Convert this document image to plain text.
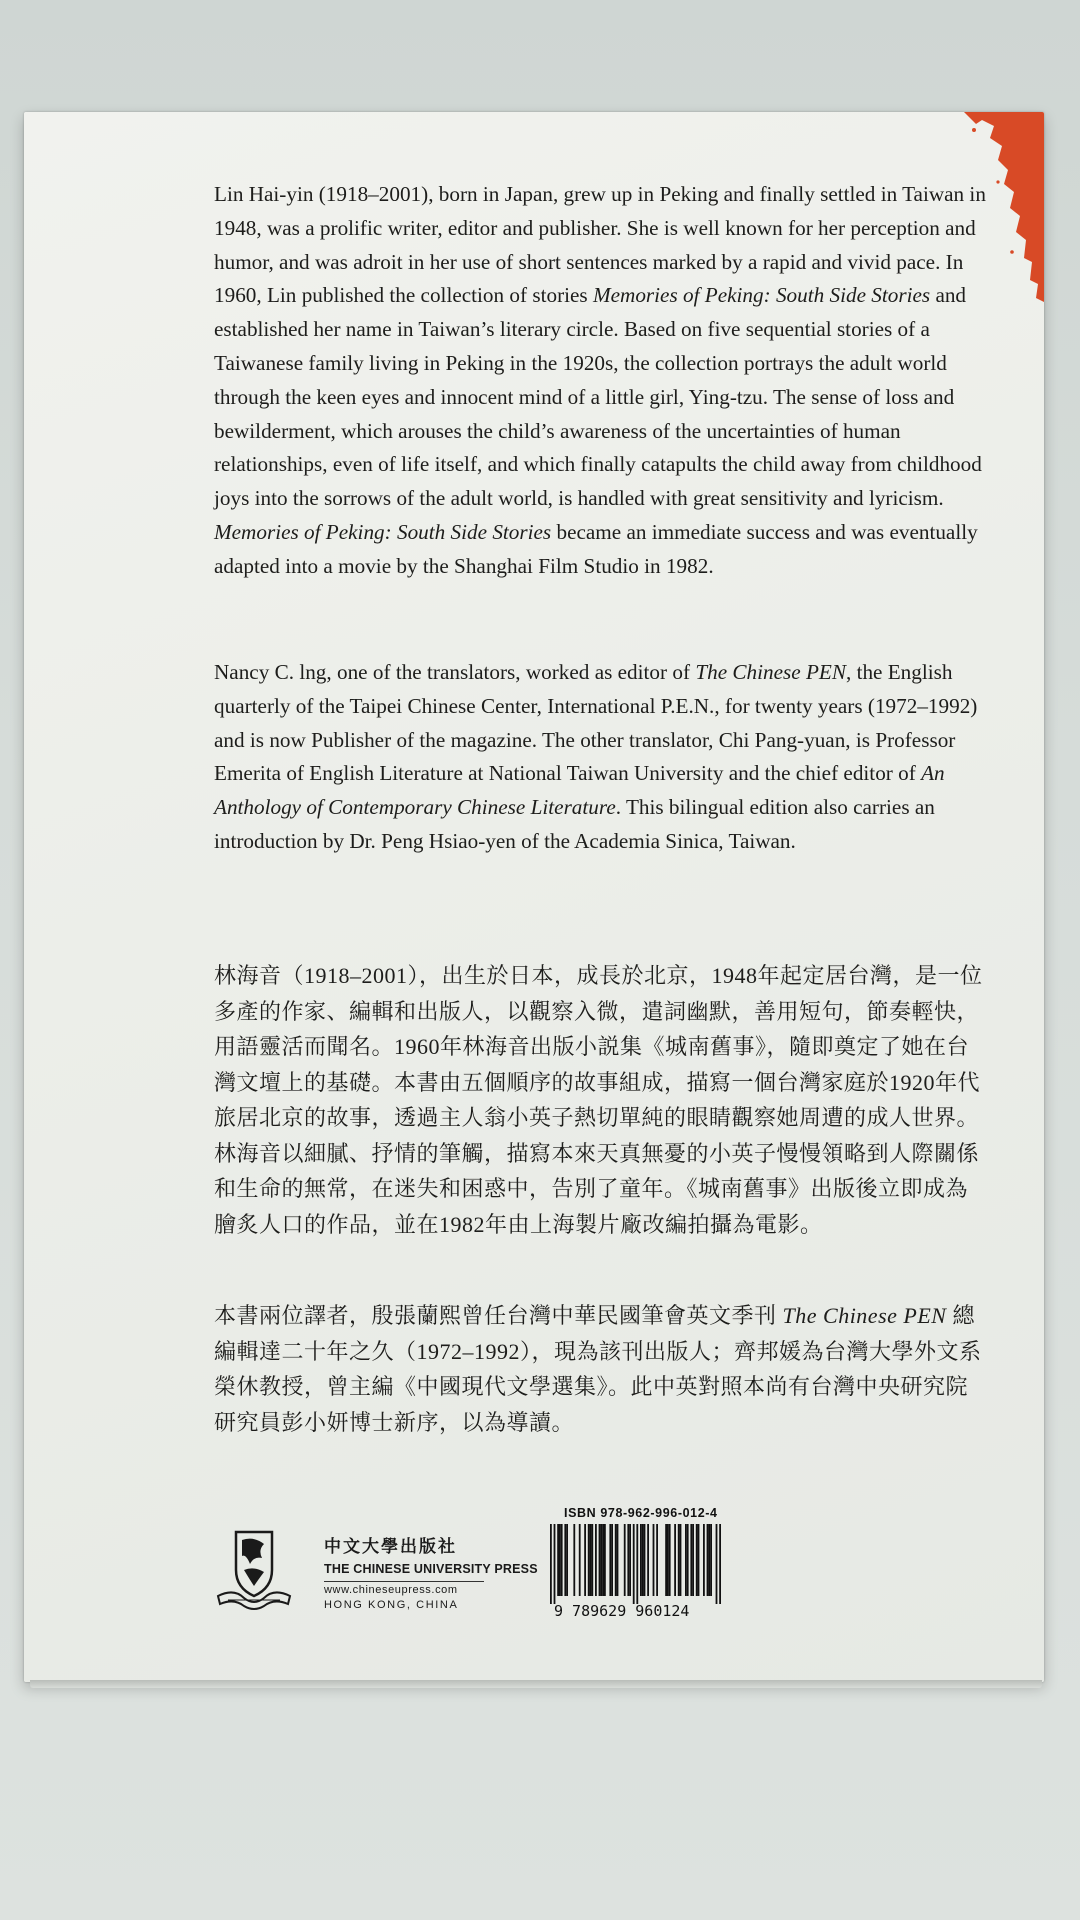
Lin Hai-yin (1918–2001), born in Japan, grew up in Peking and finally settled in Taiwan in 1948, was a prolific writer, editor and publisher. She is well known for her perception and humor, and was adroit in her use of short sentences marked by a rapid and vivid pace. In 1960, Lin published the collection of stories Memories of Peking: South Side Stories and established her name in Taiwan’s literary circle. Based on five sequential stories of a Taiwanese family living in Peking in the 1920s, the collection portrays the adult world through the keen eyes and innocent mind of a little girl, Ying-tzu. The sense of loss and bewilderment, which arouses the child’s awareness of the uncertainties of human relationships, even of life itself, and which finally catapults the child away from childhood joys into the sorrows of the adult world, is handled with great sensitivity and lyricism. Memories of Peking: South Side Stories became an immediate success and was eventually adapted into a movie by the Shanghai Film Studio in 1982.

Nancy C. lng, one of the translators, worked as editor of The Chinese PEN, the English quarterly of the Taipei Chinese Center, International P.E.N., for twenty years (1972–1992) and is now Publisher of the magazine. The other translator, Chi Pang-yuan, is Professor Emerita of English Literature at National Taiwan University and the chief editor of An Anthology of Contemporary Chinese Literature. This bilingual edition also carries an introduction by Dr. Peng Hsiao-yen of the Academia Sinica, Taiwan.

林海音（1918–2001），出生於日本，成長於北京，1948年起定居台灣，是一位多產的作家、編輯和出版人，以觀察入微，遣詞幽默，善用短句，節奏輕快，用語靈活而聞名。1960年林海音出版小説集《城南舊事》，隨即奠定了她在台灣文壇上的基礎。本書由五個順序的故事組成，描寫一個台灣家庭於1920年代旅居北京的故事，透過主人翁小英子熱切單純的眼睛觀察她周遭的成人世界。林海音以細膩、抒情的筆觸，描寫本來天真無憂的小英子慢慢領略到人際關係和生命的無常，在迷失和困惑中，告別了童年。《城南舊事》出版後立即成為膾炙人口的作品，並在1982年由上海製片廠改編拍攝為電影。

本書兩位譯者，殷張蘭熙曾任台灣中華民國筆會英文季刊 The Chinese PEN 總編輯達二十年之久（1972–1992），現為該刊出版人；齊邦媛為台灣大學外文系榮休教授，曾主編《中國現代文學選集》。此中英對照本尚有台灣中央研究院研究員彭小妍博士新序，以為導讀。

中文大學出版社
THE CHINESE UNIVERSITY PRESS
www.chineseupress.com
HONG KONG, CHINA
ISBN 978-962-996-012-4
9 789629 960124
